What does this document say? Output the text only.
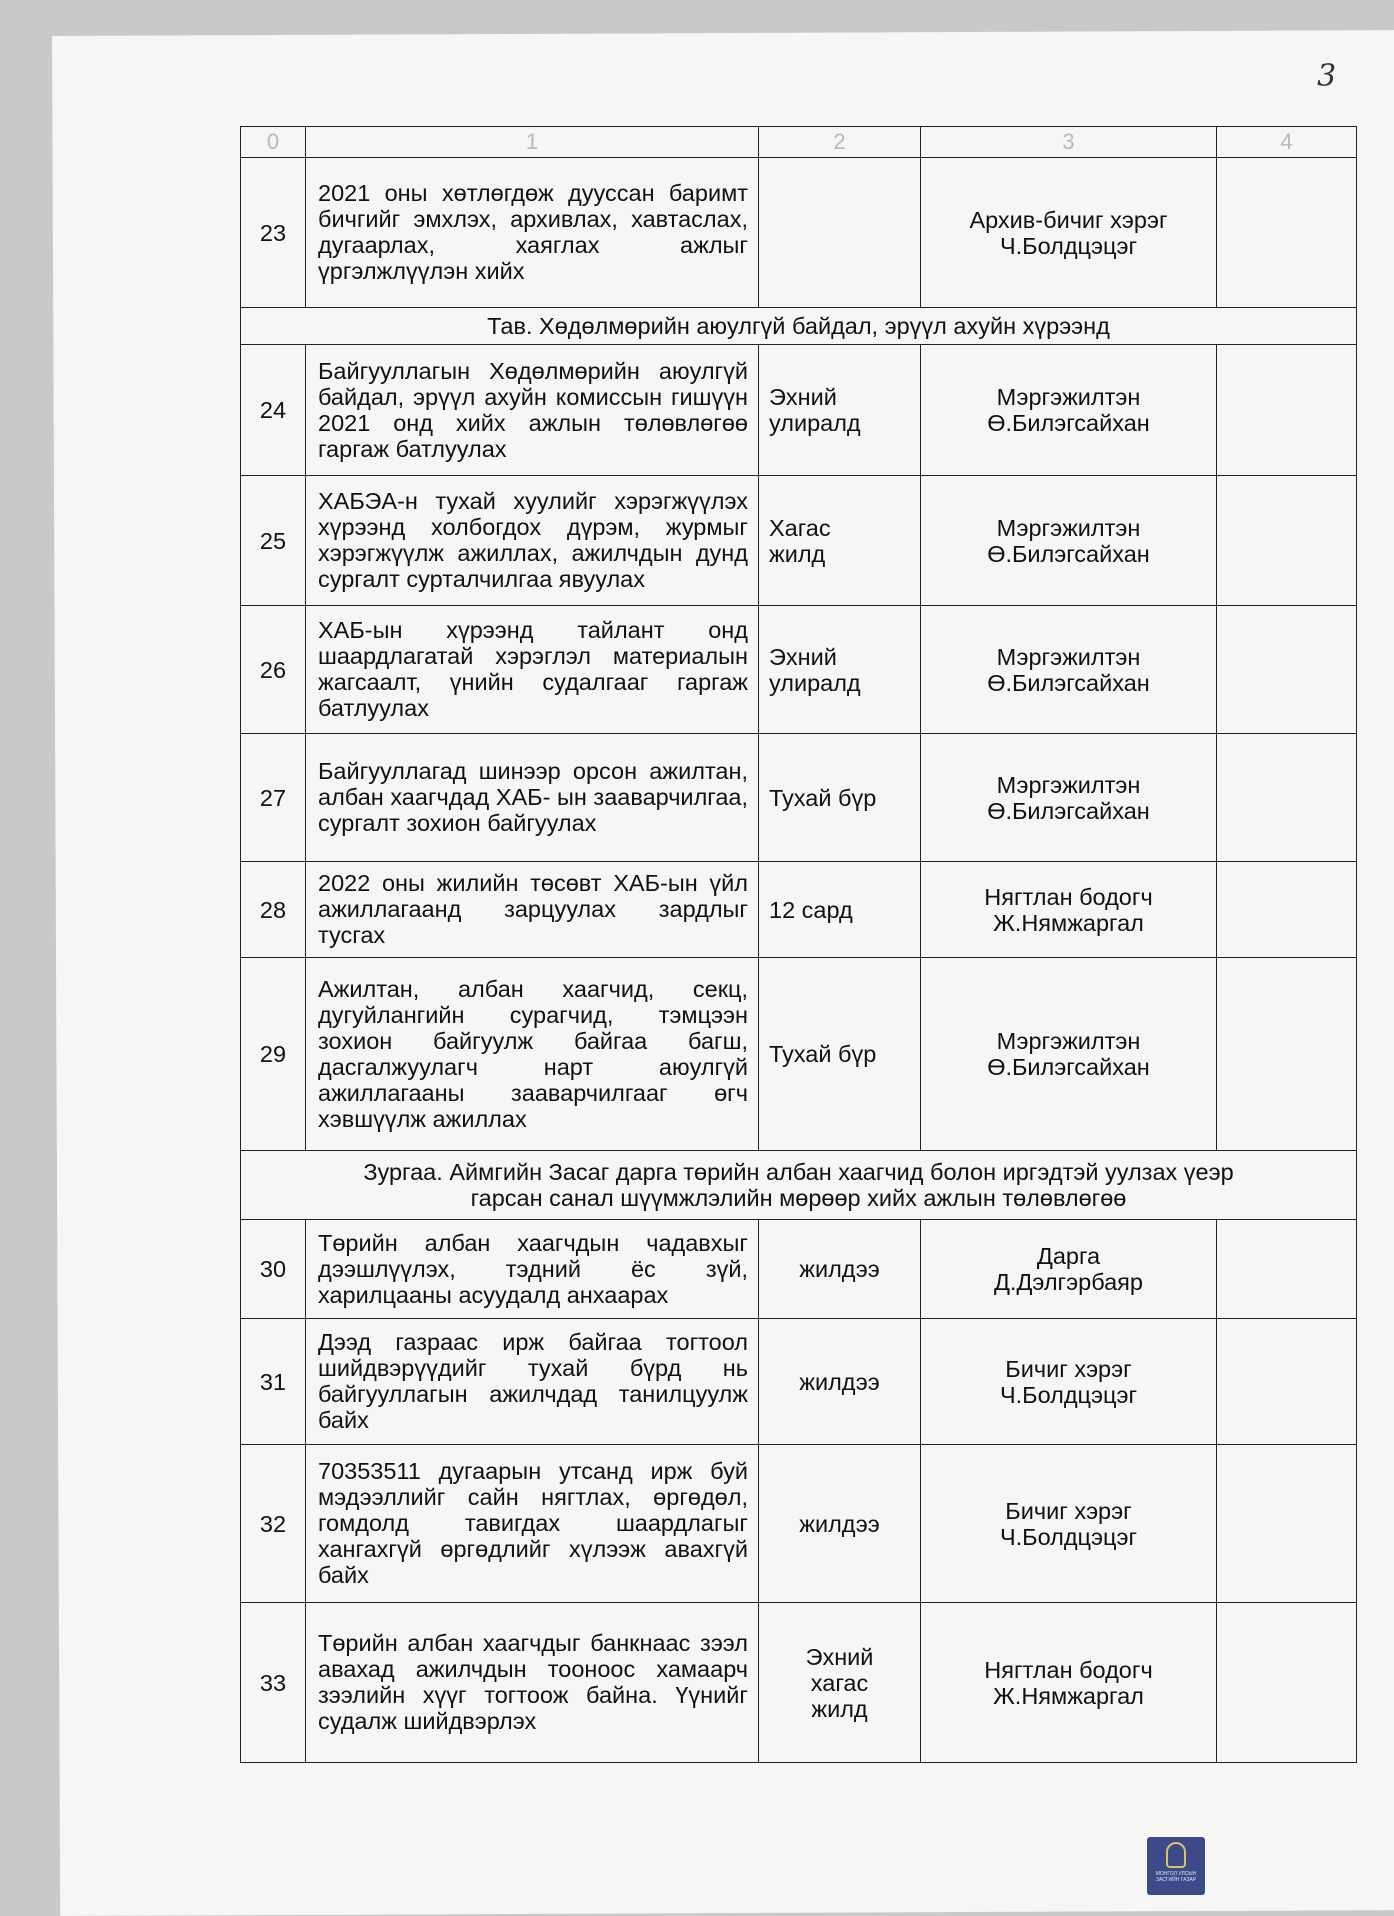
3
0	1	2	3	4
23	2021 оны хөтлөгдөж дууссан баримт бичгийг эмхлэх, архивлах, хавтаслах, дугаарлах, хаяглах ажлыг үргэлжлүүлэн хийх		Архив-бичиг хэрэг
Ч.Болдцэцэг	

Тав. Хөдөлмөрийн аюулгүй байдал, эрүүл ахуйн хүрээнд				

24	Байгууллагын Хөдөлмөрийн аюулгүй байдал, эрүүл ахуйн комиссын гишүүн 2021 онд хийх ажлын төлөвлөгөө гаргаж батлуулах	Эхний
улиралд	Мэргэжилтэн
Ө.Билэгсайхан	

25	ХАБЭА-н тухай хуулийг хэрэгжүүлэх хүрээнд холбогдох дүрэм, журмыг хэрэгжүүлж ажиллах, ажилчдын дунд сургалт сурталчилгаа явуулах	Хагас
жилд	Мэргэжилтэн
Ө.Билэгсайхан	

26	ХАБ-ын хүрээнд тайлант онд шаардлагатай хэрэглэл материалын жагсаалт, үнийн судалгааг гаргаж батлуулах	Эхний
улиралд	Мэргэжилтэн
Ө.Билэгсайхан	

27	Байгууллагад шинээр орсон ажилтан, албан хаагчдад ХАБ- ын зааварчилгаа, сургалт зохион байгуулах	Тухай бүр	Мэргэжилтэн
Ө.Билэгсайхан	

28	2022 оны жилийн төсөвт ХАБ-ын үйл ажиллагаанд зарцуулах зардлыг тусгах	12 сард	Нягтлан бодогч
Ж.Нямжаргал	

29	Ажилтан, албан хаагчид, секц, дугуйлангийн сурагчид, тэмцээн зохион байгуулж байгаа багш, дасгалжуулагч нарт аюулгүй ажиллагааны зааварчилгааг өгч хэвшүүлж ажиллах	Тухай бүр	Мэргэжилтэн
Ө.Билэгсайхан	

Зургаа. Аймгийн Засаг дарга төрийн албан хаагчид болон иргэдтэй уулзах үеэр
гарсан санал шүүмжлэлийн мөрөөр хийх ажлын төлөвлөгөө				

30	Төрийн албан хаагчдын чадавхыг дээшлүүлэх, тэдний ёс зүй, харилцааны асуудалд анхаарах	жилдээ	Дарга
Д.Дэлгэрбаяр	

31	Дээд газраас ирж байгаа тогтоол шийдвэрүүдийг тухай бүрд нь байгууллагын ажилчдад танилцуулж байх	жилдээ	Бичиг хэрэг
Ч.Болдцэцэг	

32	70353511 дугаарын утсанд ирж буй мэдээллийг сайн нягтлах, өргөдөл, гомдолд тавигдах шаардлагыг хангахгүй өргөдлийг хүлээж авахгүй байх	жилдээ	Бичиг хэрэг
Ч.Болдцэцэг	

33	Төрийн албан хаагчдыг банкнаас зээл авахад ажилчдын тооноос хамаарч зээлийн хүүг тогтоож байна. Үүнийг судалж шийдвэрлэх	Эхний
хагас
жилд	Нягтлан бодогч
Ж.Нямжаргал	

МОНГОЛ УЛСЫН
ЗАСГИЙН ГАЗАР
